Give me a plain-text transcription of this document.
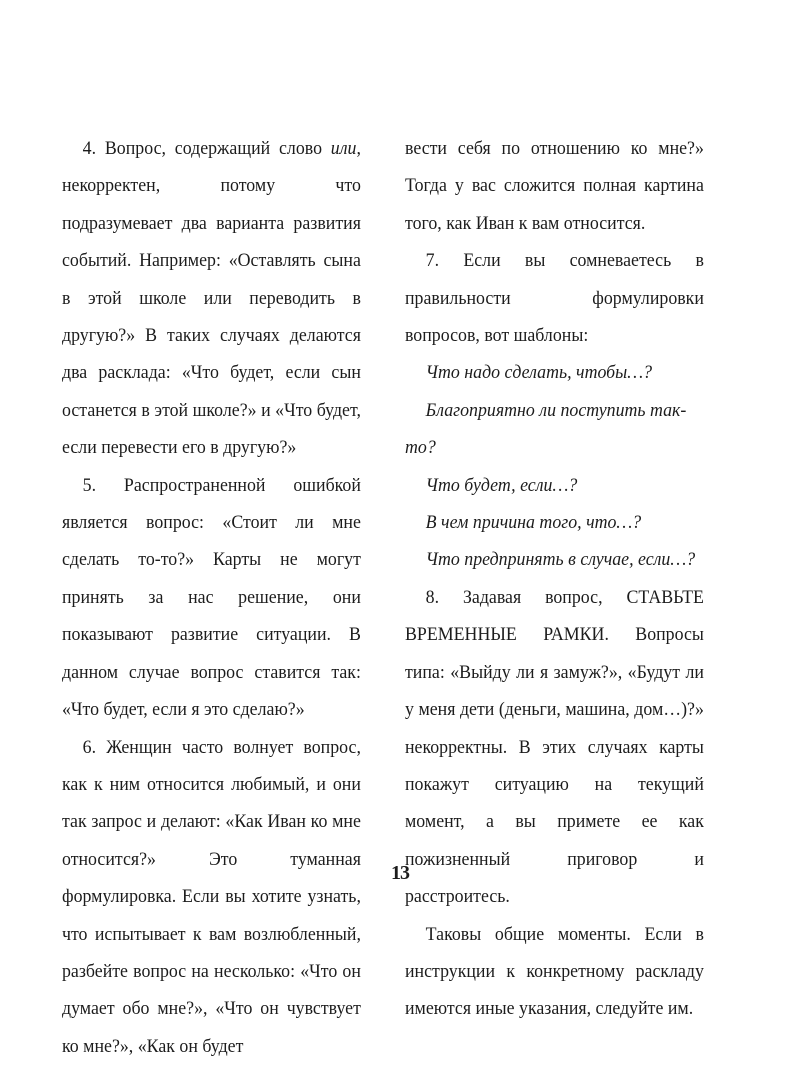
4. Вопрос, содержащий слово или, некорректен, потому что подразумевает два варианта развития событий. Например: «Оставлять сына в этой школе или переводить в другую?» В таких случаях делаются два расклада: «Что будет, если сын останется в этой школе?» и «Что будет, если перевести его в другую?»

5. Распространенной ошибкой является вопрос: «Стоит ли мне сделать то-то?» Карты не могут принять за нас решение, они показывают развитие ситуации. В данном случае вопрос ставится так: «Что будет, если я это сделаю?»

6. Женщин часто волнует вопрос, как к ним относится любимый, и они так запрос и делают: «Как Иван ко мне относится?» Это туманная формулировка. Если вы хотите узнать, что испытывает к вам возлюбленный, разбейте вопрос на несколько: «Что он думает обо мне?», «Что он чувствует ко мне?», «Как он будет

вести себя по отношению ко мне?» Тогда у вас сложится полная картина того, как Иван к вам относится.

7. Если вы сомневаетесь в правильности формулировки вопросов, вот шаблоны:

Что надо сделать, чтобы…?

Благоприятно ли поступить так-то?

Что будет, если…?

В чем причина того, что…?

Что предпринять в случае, если…?

8. Задавая вопрос, СТАВЬТЕ ВРЕМЕННЫЕ РАМКИ. Вопросы типа: «Выйду ли я замуж?», «Будут ли у меня дети (деньги, машина, дом…)?» некорректны. В этих случаях карты покажут ситуацию на текущий момент, а вы примете ее как пожизненный приговор и расстроитесь.

Таковы общие моменты. Если в инструкции к конкретному раскладу имеются иные указания, следуйте им.

13
